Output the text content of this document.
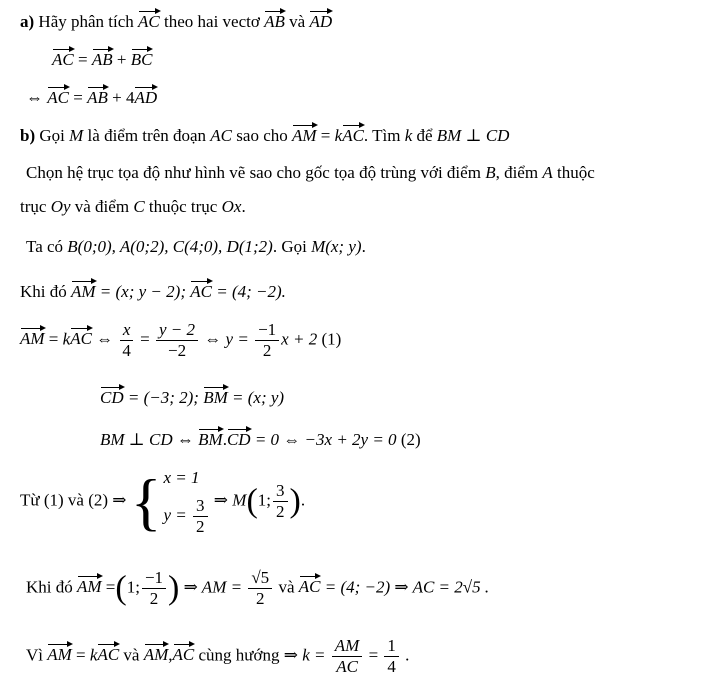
a) Hãy phân tích AC theo hai vectơ AB và AD
AC = AB + BC
⇔ AC = AB + 4AD
b) Gọi M là điểm trên đoạn AC sao cho AM = kAC. Tìm k để BM ⊥ CD
Chọn hệ trục tọa độ như hình vẽ sao cho gốc tọa độ trùng với điểm B, điểm A thuộc
trục Oy và điểm C thuộc trục Ox.
Ta có B(0;0), A(0;2), C(4;0), D(1;2). Gọi M(x; y).
Khi đó AM = (x; y − 2); AC = (4; −2).
AM = kAC ⇔ $\frac{x}{4} = \frac{y - 2}{-2}$ ⇔ $y = \frac{-1}{2}$ x + 2 (1)
CD = (−3; 2); BM = (x; y)
BM ⊥ CD ⇔ BM.CD = 0 ⇔ −3x + 2y = 0 (2)
Từ (1) và (2) ⇒ { x = 1
$y = \frac{3}{2}$ ⇒ M(1; $\frac{3}{2}$ ).
Khi đó AM =(1; $\frac{-1}{2}$ ) ⇒ AM = $\frac{√5}{2}$ và AC = (4; −2) ⇒ AC = 2√5 .
Vì AM = kAC và AM,AC cùng hướng ⇒ $k = \frac{AM}{AC} = \frac{1}{4}$ .
